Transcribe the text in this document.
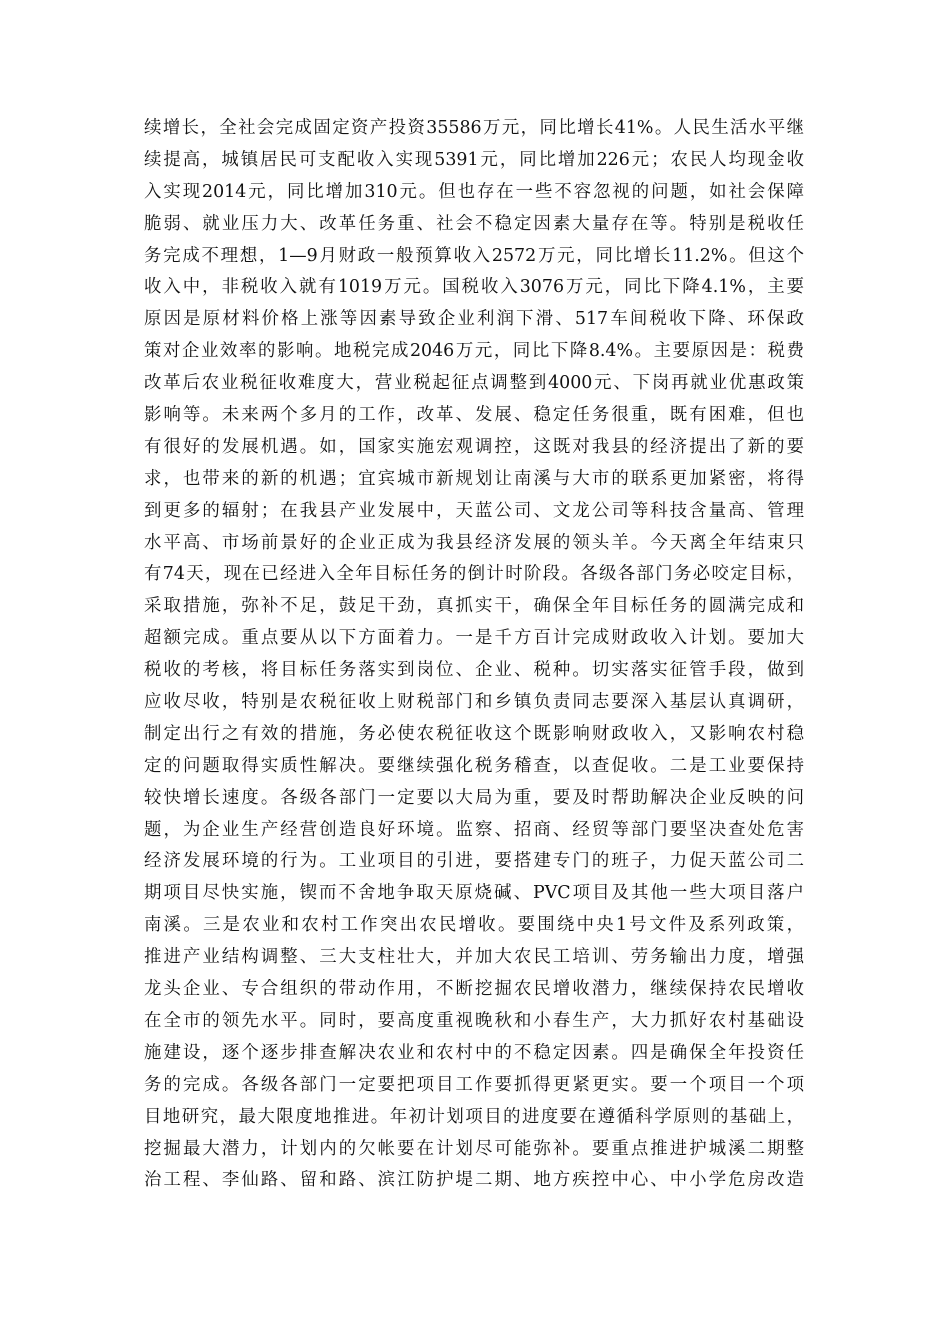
续增长，全社会完成固定资产投资35586万元，同比增长41%。人民生活水平继
续提高，城镇居民可支配收入实现5391元，同比增加226元；农民人均现金收
入实现2014元，同比增加310元。但也存在一些不容忽视的问题，如社会保障
脆弱、就业压力大、改革任务重、社会不稳定因素大量存在等。特别是税收任
务完成不理想，1—9月财政一般预算收入2572万元，同比增长11.2%。但这个
收入中，非税收入就有1019万元。国税收入3076万元，同比下降4.1%，主要
原因是原材料价格上涨等因素导致企业利润下滑、517车间税收下降、环保政
策对企业效率的影响。地税完成2046万元，同比下降8.4%。主要原因是：税费
改革后农业税征收难度大，营业税起征点调整到4000元、下岗再就业优惠政策
影响等。未来两个多月的工作，改革、发展、稳定任务很重，既有困难，但也
有很好的发展机遇。如，国家实施宏观调控，这既对我县的经济提出了新的要
求，也带来的新的机遇；宜宾城市新规划让南溪与大市的联系更加紧密，将得
到更多的辐射；在我县产业发展中，天蓝公司、文龙公司等科技含量高、管理
水平高、市场前景好的企业正成为我县经济发展的领头羊。今天离全年结束只
有74天，现在已经进入全年目标任务的倒计时阶段。各级各部门务必咬定目标，
采取措施，弥补不足，鼓足干劲，真抓实干，确保全年目标任务的圆满完成和
超额完成。重点要从以下方面着力。一是千方百计完成财政收入计划。要加大
税收的考核，将目标任务落实到岗位、企业、税种。切实落实征管手段，做到
应收尽收，特别是农税征收上财税部门和乡镇负责同志要深入基层认真调研，
制定出行之有效的措施，务必使农税征收这个既影响财政收入，又影响农村稳
定的问题取得实质性解决。要继续强化税务稽查，以查促收。二是工业要保持
较快增长速度。各级各部门一定要以大局为重，要及时帮助解决企业反映的问
题，为企业生产经营创造良好环境。监察、招商、经贸等部门要坚决查处危害
经济发展环境的行为。工业项目的引进，要搭建专门的班子，力促天蓝公司二
期项目尽快实施，锲而不舍地争取天原烧碱、PVC项目及其他一些大项目落户
南溪。三是农业和农村工作突出农民增收。要围绕中央1号文件及系列政策，
推进产业结构调整、三大支柱壮大，并加大农民工培训、劳务输出力度，增强
龙头企业、专合组织的带动作用，不断挖掘农民增收潜力，继续保持农民增收
在全市的领先水平。同时，要高度重视晚秋和小春生产，大力抓好农村基础设
施建设，逐个逐步排查解决农业和农村中的不稳定因素。四是确保全年投资任
务的完成。各级各部门一定要把项目工作要抓得更紧更实。要一个项目一个项
目地研究，最大限度地推进。年初计划项目的进度要在遵循科学原则的基础上，
挖掘最大潜力，计划内的欠帐要在计划尽可能弥补。要重点推进护城溪二期整
治工程、李仙路、留和路、滨江防护堤二期、地方疾控中心、中小学危房改造
